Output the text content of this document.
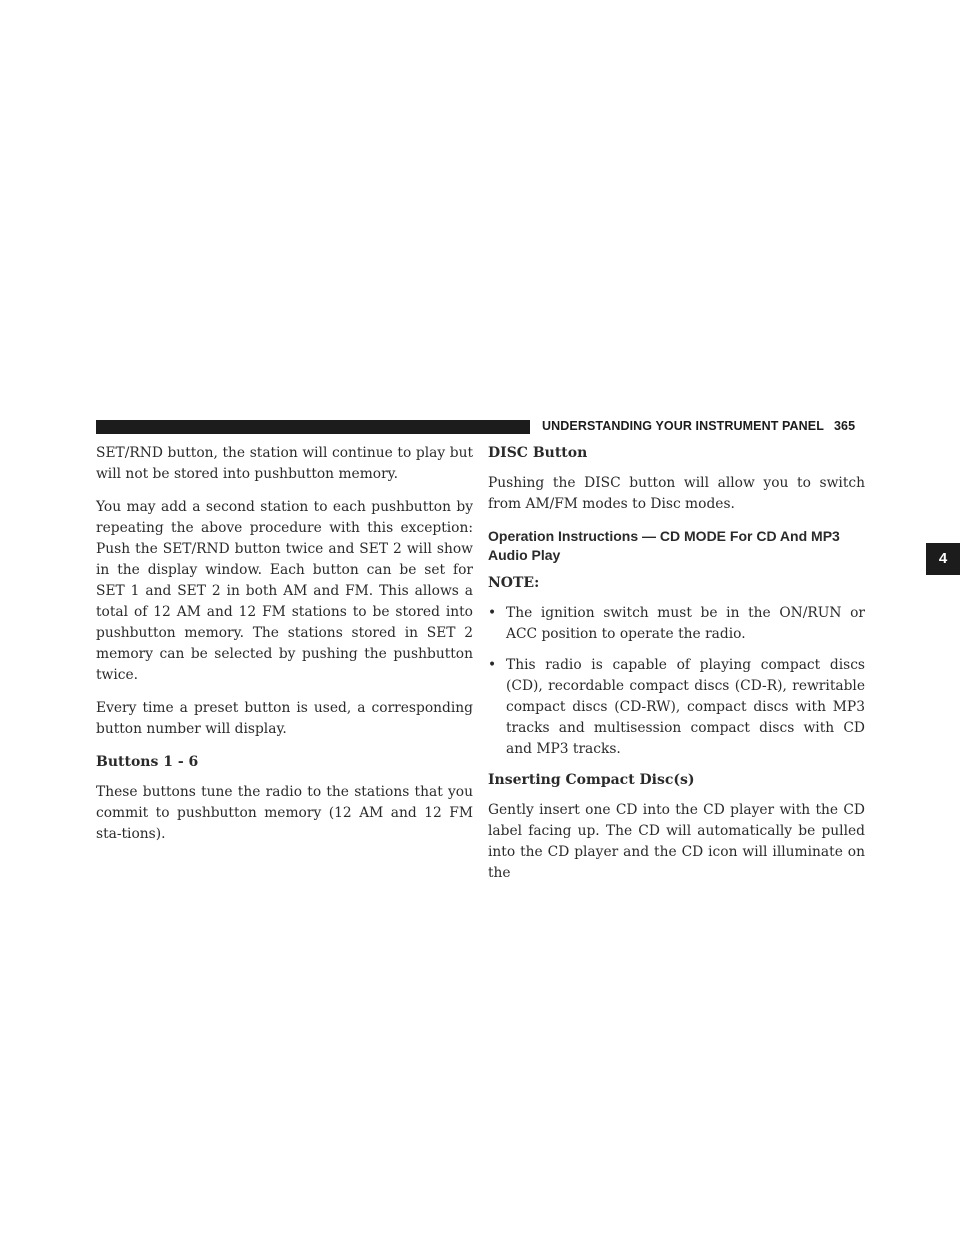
UNDERSTANDING YOUR INSTRUMENT PANEL 365
4

SET/RND button, the station will continue to play but will not be stored into pushbutton memory.

You may add a second station to each pushbutton by repeating the above procedure with this exception: Push the SET/RND button twice and SET 2 will show in the display window. Each button can be set for SET 1 and SET 2 in both AM and FM. This allows a total of 12 AM and 12 FM stations to be stored into pushbutton memory. The stations stored in SET 2 memory can be selected by pushing the pushbutton twice.

Every time a preset button is used, a corresponding button number will display.

Buttons 1 - 6

These buttons tune the radio to the stations that you commit to pushbutton memory (12 AM and 12 FM sta-tions).

DISC Button

Pushing the DISC button will allow you to switch from AM/FM modes to Disc modes.

Operation Instructions — CD MODE For CD And MP3 Audio Play
NOTE:
• The ignition switch must be in the ON/RUN or ACC position to operate the radio.
• This radio is capable of playing compact discs (CD), recordable compact discs (CD-R), rewritable compact discs (CD-RW), compact discs with MP3 tracks and multisession compact discs with CD and MP3 tracks.
Inserting Compact Disc(s)

Gently insert one CD into the CD player with the CD label facing up. The CD will automatically be pulled into the CD player and the CD icon will illuminate on the
